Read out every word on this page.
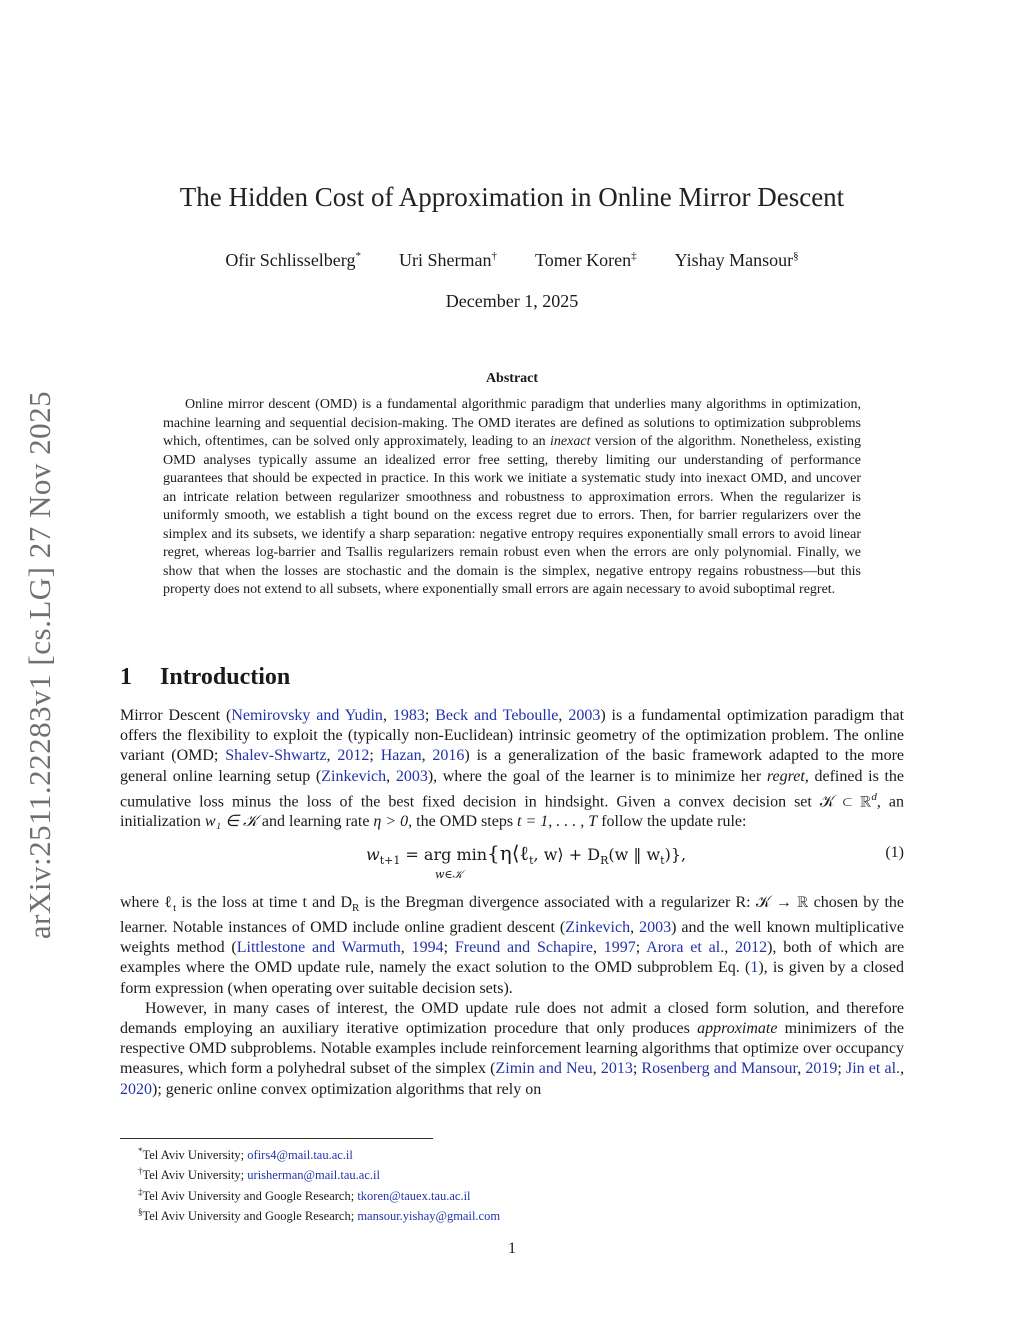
arXiv:2511.22283v1 [cs.LG] 27 Nov 2025
The Hidden Cost of Approximation in Online Mirror Descent
Ofir Schlisselberg* Uri Sherman† Tomer Koren‡ Yishay Mansour§
December 1, 2025
Abstract

Online mirror descent (OMD) is a fundamental algorithmic paradigm that underlies many algorithms in optimization, machine learning and sequential decision-making. The OMD iterates are defined as solutions to optimization subproblems which, oftentimes, can be solved only approximately, leading to an inexact version of the algorithm. Nonetheless, existing OMD analyses typically assume an idealized error free setting, thereby limiting our understanding of performance guarantees that should be expected in practice. In this work we initiate a systematic study into inexact OMD, and uncover an intricate relation between regularizer smoothness and robustness to approximation errors. When the regularizer is uniformly smooth, we establish a tight bound on the excess regret due to errors. Then, for barrier regularizers over the simplex and its subsets, we identify a sharp separation: negative entropy requires exponentially small errors to avoid linear regret, whereas log-barrier and Tsallis regularizers remain robust even when the errors are only polynomial. Finally, we show that when the losses are stochastic and the domain is the simplex, negative entropy regains robustness—but this property does not extend to all subsets, where exponentially small errors are again necessary to avoid suboptimal regret.

1 Introduction

Mirror Descent (Nemirovsky and Yudin, 1983; Beck and Teboulle, 2003) is a fundamental optimization paradigm that offers the flexibility to exploit the (typically non-Euclidean) intrinsic geometry of the optimization problem. The online variant (OMD; Shalev-Shwartz, 2012; Hazan, 2016) is a generalization of the basic framework adapted to the more general online learning setup (Zinkevich, 2003), where the goal of the learner is to minimize her regret, defined is the cumulative loss minus the loss of the best fixed decision in hindsight. Given a convex decision set 𝒦 ⊂ ℝ$^d$, an initialization w₁ ∈ 𝒦 and learning rate η > 0, the OMD steps t = 1, . . . , T follow the update rule:

$w_{t+1}$ = arg min{η⟨ℓ$_t$, w⟩ + $D_R(w$ ‖ $w_t$)},
w∈𝒦
(1)

where ℓ$_t$ is the loss at time t and $D_R$ is the Bregman divergence associated with a regularizer R: 𝒦 → ℝ chosen by the learner. Notable instances of OMD include online gradient descent (Zinkevich, 2003) and the well known multiplicative weights method (Littlestone and Warmuth, 1994; Freund and Schapire, 1997; Arora et al., 2012), both of which are examples where the OMD update rule, namely the exact solution to the OMD subproblem Eq. (1), is given by a closed form expression (when operating over suitable decision sets).

However, in many cases of interest, the OMD update rule does not admit a closed form solution, and therefore demands employing an auxiliary iterative optimization procedure that only produces approximate minimizers of the respective OMD subproblems. Notable examples include reinforcement learning algorithms that optimize over occupancy measures, which form a polyhedral subset of the simplex (Zimin and Neu, 2013; Rosenberg and Mansour, 2019; Jin et al., 2020); generic online convex optimization algorithms that rely on

*Tel Aviv University; ofirs4@mail.tau.ac.il

†Tel Aviv University; urisherman@mail.tau.ac.il

‡Tel Aviv University and Google Research; tkoren@tauex.tau.ac.il

§Tel Aviv University and Google Research; mansour.yishay@gmail.com

1
